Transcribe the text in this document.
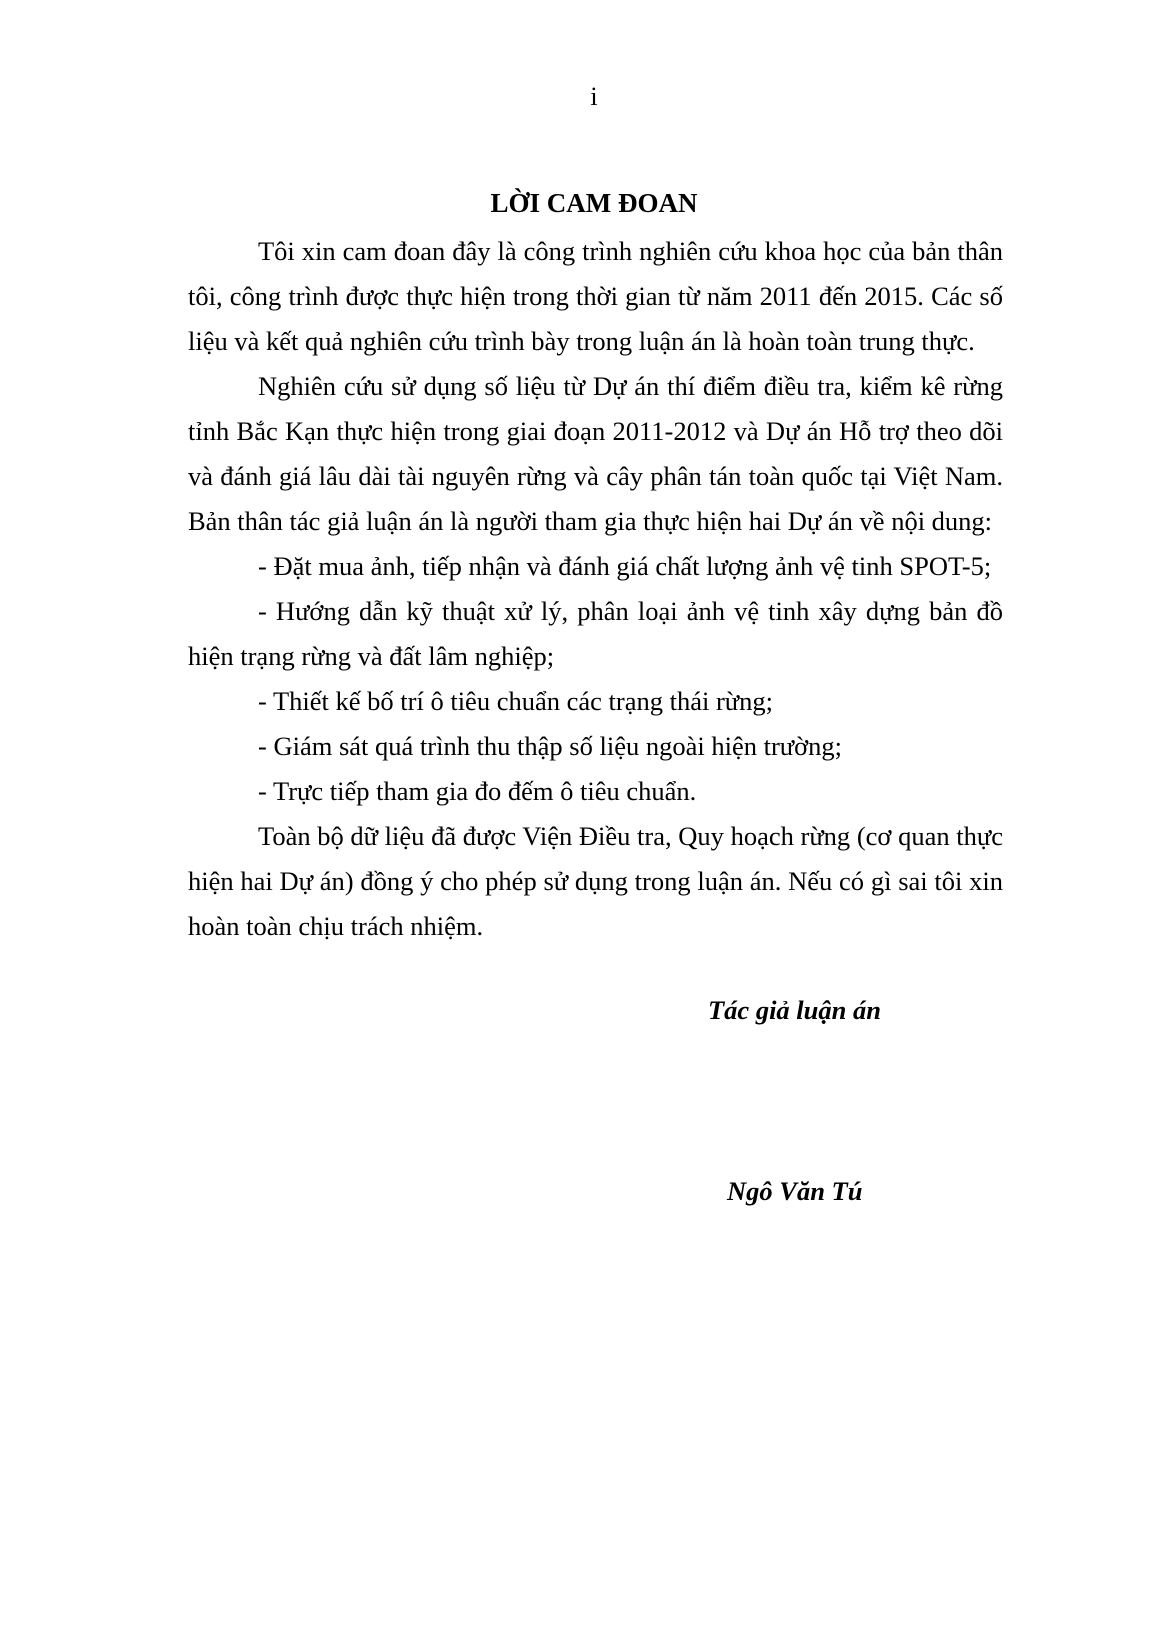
i
LỜI CAM ĐOAN

Tôi xin cam đoan đây là công trình nghiên cứu khoa học của bản thân tôi, công trình được thực hiện trong thời gian từ năm 2011 đến 2015. Các số liệu và kết quả nghiên cứu trình bày trong luận án là hoàn toàn trung thực.

Nghiên cứu sử dụng số liệu từ Dự án thí điểm điều tra, kiểm kê rừng tỉnh Bắc Kạn thực hiện trong giai đoạn 2011-2012 và Dự án Hỗ trợ theo dõi và đánh giá lâu dài tài nguyên rừng và cây phân tán toàn quốc tại Việt Nam. Bản thân tác giả luận án là người tham gia thực hiện hai Dự án về nội dung:

- Đặt mua ảnh, tiếp nhận và đánh giá chất lượng ảnh vệ tinh SPOT-5;

- Hướng dẫn kỹ thuật xử lý, phân loại ảnh vệ tinh xây dựng bản đồ hiện trạng rừng và đất lâm nghiệp;

- Thiết kế bố trí ô tiêu chuẩn các trạng thái rừng;

- Giám sát quá trình thu thập số liệu ngoài hiện trường;

- Trực tiếp tham gia đo đếm ô tiêu chuẩn.

Toàn bộ dữ liệu đã được Viện Điều tra, Quy hoạch rừng (cơ quan thực hiện hai Dự án) đồng ý cho phép sử dụng trong luận án. Nếu có gì sai tôi xin hoàn toàn chịu trách nhiệm.

Tác giả luận án
Ngô Văn Tú
